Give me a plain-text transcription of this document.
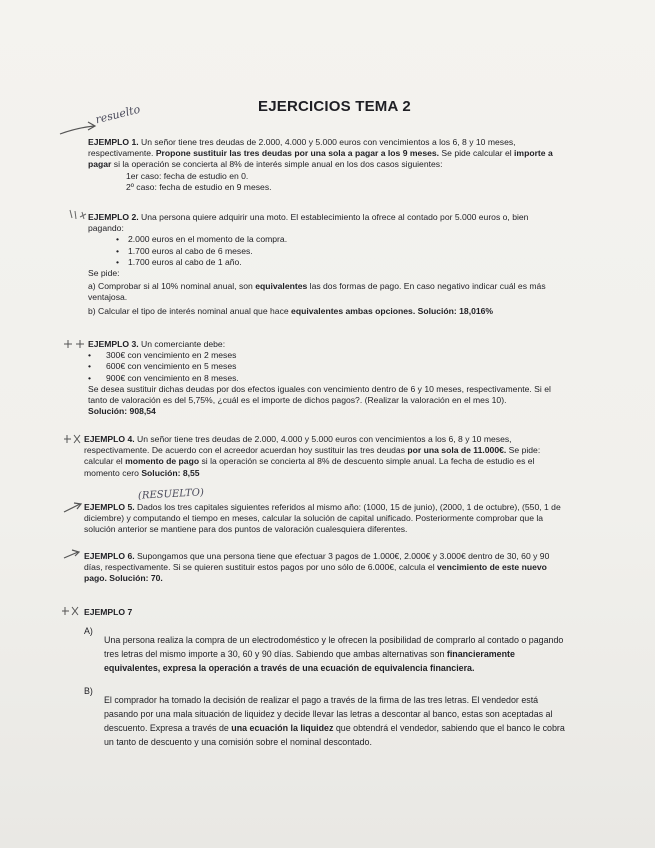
EJERCICIOS TEMA 2
resuelto

EJEMPLO 1. Un señor tiene tres deudas de 2.000, 4.000 y 5.000 euros con vencimientos a los 6, 8 y 10 meses, respectivamente. Propone sustituir las tres deudas por una sola a pagar a los 9 meses. Se pide calcular el importe a pagar si la operación se concierta al 8% de interés simple anual en los dos casos siguientes:

1er caso: fecha de estudio en 0.

2º caso: fecha de estudio en 9 meses.

EJEMPLO 2. Una persona quiere adquirir una moto. El establecimiento la ofrece al contado por 5.000 euros o, bien pagando:

• 2.000 euros en el momento de la compra.
• 1.700 euros al cabo de 6 meses.
• 1.700 euros al cabo de 1 año.

Se pide:

a) Comprobar si al 10% nominal anual, son equivalentes las dos formas de pago. En caso negativo indicar cuál es más ventajosa.

b) Calcular el tipo de interés nominal anual que hace equivalentes ambas opciones. Solución: 18,016%

EJEMPLO 3. Un comerciante debe:

• 300€ con vencimiento en 2 meses
• 600€ con vencimiento en 5 meses
• 900€ con vencimiento en 8 meses.

Se desea sustituir dichas deudas por dos efectos iguales con vencimiento dentro de 6 y 10 meses, respectivamente. Si el tanto de valoración es del 5,75%, ¿cuál es el importe de dichos pagos?. (Realizar la valoración en el mes 10).

Solución: 908,54

EJEMPLO 4. Un señor tiene tres deudas de 2.000, 4.000 y 5.000 euros con vencimientos a los 6, 8 y 10 meses, respectivamente. De acuerdo con el acreedor acuerdan hoy sustituir las tres deudas por una sola de 11.000€. Se pide: calcular el momento de pago si la operación se concierta al 8% de descuento simple anual. La fecha de estudio es el momento cero Solución: 8,55

(RESUELTO)

EJEMPLO 5. Dados los tres capitales siguientes referidos al mismo año: (1000, 15 de junio), (2000, 1 de octubre), (550, 1 de diciembre) y computando el tiempo en meses, calcular la solución de capital unificado. Posteriormente comprobar que la solución anterior se mantiene para dos puntos de valoración cualesquiera diferentes.

EJEMPLO 6. Supongamos que una persona tiene que efectuar 3 pagos de 1.000€, 2.000€ y 3.000€ dentro de 30, 60 y 90 días, respectivamente. Si se quieren sustituir estos pagos por uno sólo de 6.000€, calcula el vencimiento de este nuevo pago. Solución: 70.

EJEMPLO 7

A)

Una persona realiza la compra de un electrodoméstico y le ofrecen la posibilidad de comprarlo al contado o pagando tres letras del mismo importe a 30, 60 y 90 días. Sabiendo que ambas alternativas son financieramente equivalentes, expresa la operación a través de una ecuación de equivalencia financiera.

B)

El comprador ha tomado la decisión de realizar el pago a través de la firma de las tres letras. El vendedor está pasando por una mala situación de liquidez y decide llevar las letras a descontar al banco, estas son aceptadas al descuento. Expresa a través de una ecuación la liquidez que obtendrá el vendedor, sabiendo que el banco le cobra un tanto de descuento y una comisión sobre el nominal descontado.
